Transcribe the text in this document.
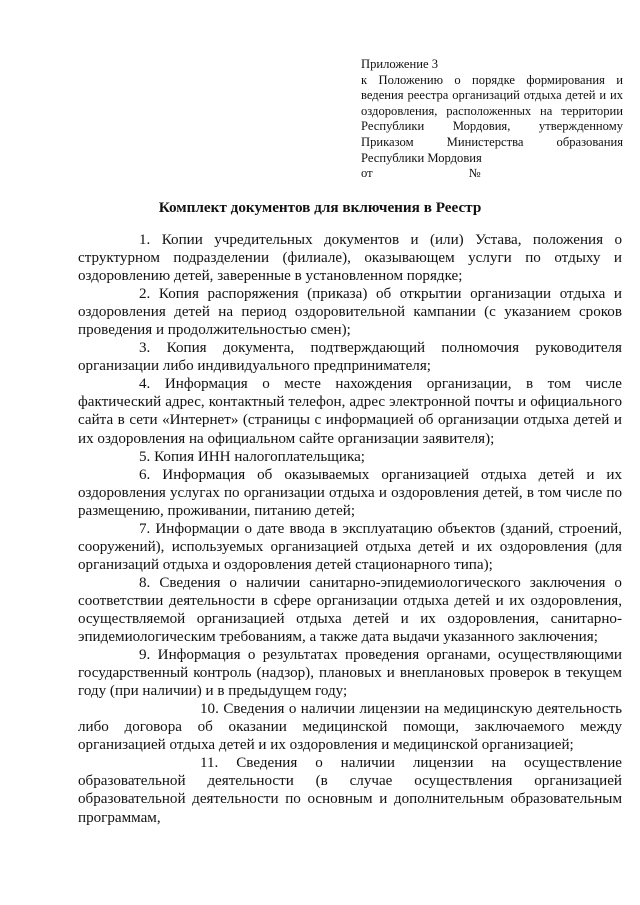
Приложение 3
к Положению о порядке формирования и ведения реестра организаций отдыха детей и их оздоровления, расположенных на территории Республики Мордовия, утвержденному Приказом Министерства образования Республики Мордовия
от	№
Комплект документов для включения в Реестр

1. Копии учредительных документов и (или) Устава, положения о структурном подразделении (филиале), оказывающем услуги по отдыху и оздоровлению детей, заверенные в установленном порядке;

2. Копия распоряжения (приказа) об открытии организации отдыха и оздоровления детей на период оздоровительной кампании (с указанием сроков проведения и продолжительностью смен);

3. Копия документа, подтверждающий полномочия руководителя организации либо индивидуального предпринимателя;

4. Информация о месте нахождения организации, в том числе фактический адрес, контактный телефон, адрес электронной почты и официального сайта в сети «Интернет» (страницы с информацией об организации отдыха детей и их оздоровления на официальном сайте организации заявителя);

5. Копия ИНН налогоплательщика;

6. Информация об оказываемых организацией отдыха детей и их оздоровления услугах по организации отдыха и оздоровления детей, в том числе по размещению, проживании, питанию детей;

7. Информации о дате ввода в эксплуатацию объектов (зданий, строений, сооружений), используемых организацией отдыха детей и их оздоровления (для организаций отдыха и оздоровления детей стационарного типа);

8. Сведения о наличии санитарно-эпидемиологического заключения о соответствии деятельности в сфере организации отдыха детей и их оздоровления, осуществляемой организацией отдыха детей и их оздоровления, санитарно-эпидемиологическим требованиям, а также дата выдачи указанного заключения;

9. Информация о результатах проведения органами, осуществляющими государственный контроль (надзор), плановых и внеплановых проверок в текущем году (при наличии) и в предыдущем году;

10. Сведения о наличии лицензии на медицинскую деятельность либо договора об оказании медицинской помощи, заключаемого между организацией отдыха детей и их оздоровления и медицинской организацией;

11. Сведения о наличии лицензии на осуществление образовательной деятельности (в случае осуществления организацией образовательной деятельности по основным и дополнительным образовательным программам,
